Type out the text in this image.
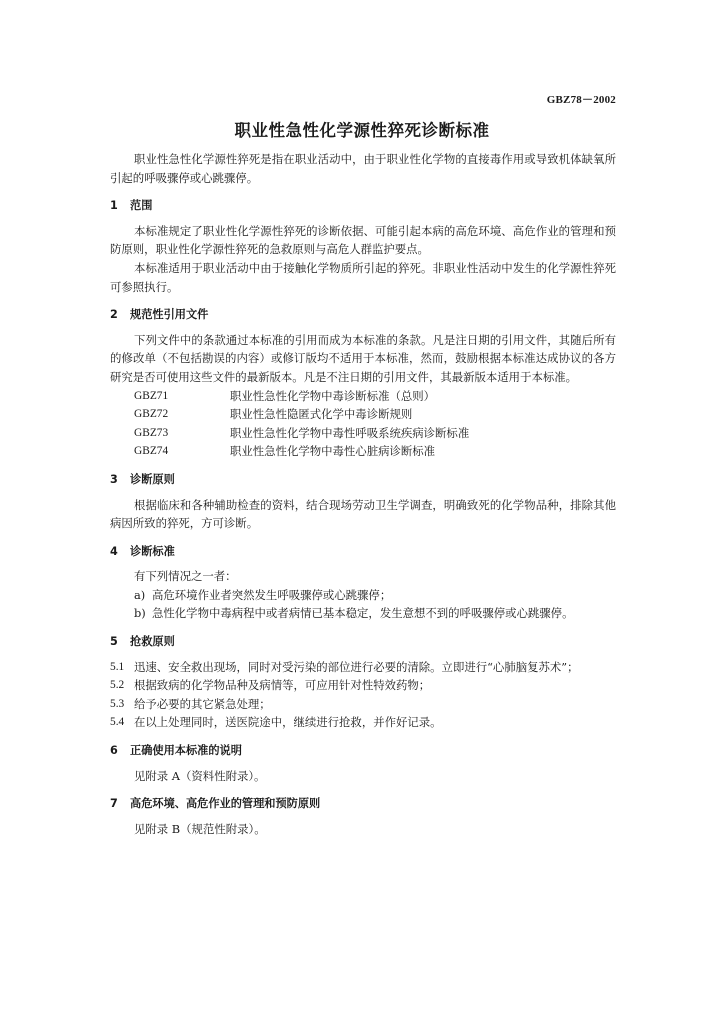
GBZ78－2002
职业性急性化学源性猝死诊断标准

职业性急性化学源性猝死是指在职业活动中，由于职业性化学物的直接毒作用或导致机体缺氧所引起的呼吸骤停或心跳骤停。

1 范围

本标准规定了职业性化学源性猝死的诊断依据、可能引起本病的高危环境、高危作业的管理和预防原则，职业性化学源性猝死的急救原则与高危人群监护要点。

本标准适用于职业活动中由于接触化学物质所引起的猝死。非职业性活动中发生的化学源性猝死可参照执行。

2 规范性引用文件

下列文件中的条款通过本标准的引用而成为本标准的条款。凡是注日期的引用文件，其随后所有的修改单（不包括勘误的内容）或修订版均不适用于本标准，然而，鼓励根据本标准达成协议的各方研究是否可使用这些文件的最新版本。凡是不注日期的引用文件，其最新版本适用于本标准。

GBZ71	职业性急性化学物中毒诊断标准（总则）
GBZ72	职业性急性隐匿式化学中毒诊断规则
GBZ73	职业性急性化学物中毒性呼吸系统疾病诊断标准
GBZ74	职业性急性化学物中毒性心脏病诊断标准
3 诊断原则

根据临床和各种辅助检查的资料，结合现场劳动卫生学调查，明确致死的化学物品种，排除其他病因所致的猝死，方可诊断。

4 诊断标准

有下列情况之一者：

a) 高危环境作业者突然发生呼吸骤停或心跳骤停；
b) 急性化学物中毒病程中或者病情已基本稳定，发生意想不到的呼吸骤停或心跳骤停。
5 抢救原则
5.1 迅速、安全救出现场，同时对受污染的部位进行必要的清除。立即进行“心肺脑复苏术”；
5.2 根据致病的化学物品种及病情等，可应用针对性特效药物；
5.3 给予必要的其它紧急处理；
5.4 在以上处理同时，送医院途中，继续进行抢救，并作好记录。
6 正确使用本标准的说明

见附录 A（资料性附录）。

7 高危环境、高危作业的管理和预防原则

见附录 B（规范性附录）。
